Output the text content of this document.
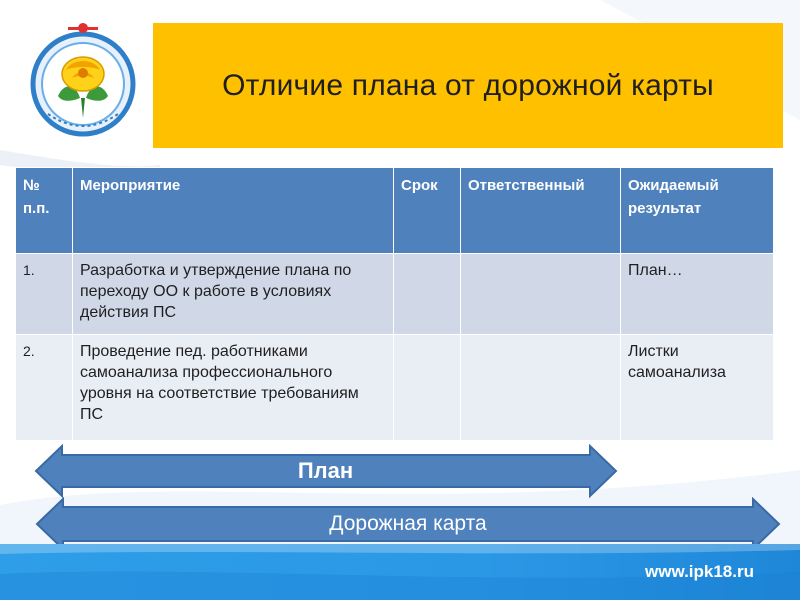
Отличие плана от дорожной карты
№ п.п.	Мероприятие	Срок	Ответственный	Ожидаемый результат
1.	Разработка и утверждение плана по переходу ОО к работе в условиях действия ПС			План…
2.	Проведение пед. работниками самоанализа профессионального уровня на соответствие требованиям ПС			Листки самоанализа
План
Дорожная карта
www.ipk18.ru
